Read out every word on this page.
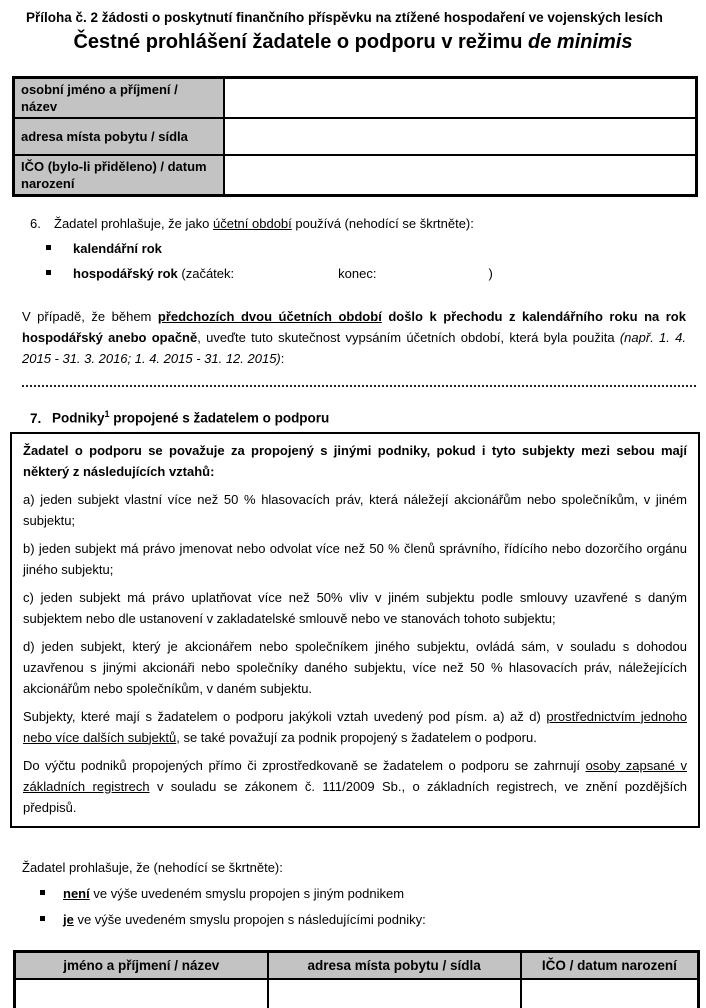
Příloha č. 2 žádosti o poskytnutí finančního příspěvku na ztížené hospodaření ve vojenských lesích

Čestné prohlášení žadatele o podporu v režimu de minimis
osobní jméno a příjmení / název	
adresa místa pobytu / sídla	
IČO (bylo-li přiděleno) / datum narození	
6. Žadatel prohlašuje, že jako účetní období používá (nehodící se škrtněte):
kalendářní rok
hospodářský rok (začátek:	konec:	)

V případě, že během předchozích dvou účetních období došlo k přechodu z kalendářního roku na rok hospodářský anebo opačně, uveďte tuto skutečnost vypsáním účetních období, která byla použita (např. 1. 4. 2015 - 31. 3. 2016; 1. 4. 2015 - 31. 12. 2015):

7. Podniky$^1$ propojené s žadatelem o podporu

Žadatel o podporu se považuje za propojený s jinými podniky, pokud i tyto subjekty mezi sebou mají některý z následujících vztahů:

a) jeden subjekt vlastní více než 50 % hlasovacích práv, která náležejí akcionářům nebo společníkům, v jiném subjektu;

b) jeden subjekt má právo jmenovat nebo odvolat více než 50 % členů správního, řídícího nebo dozorčího orgánu jiného subjektu;

c) jeden subjekt má právo uplatňovat více než 50% vliv v jiném subjektu podle smlouvy uzavřené s daným subjektem nebo dle ustanovení v zakladatelské smlouvě nebo ve stanovách tohoto subjektu;

d) jeden subjekt, který je akcionářem nebo společníkem jiného subjektu, ovládá sám, v souladu s dohodou uzavřenou s jinými akcionáři nebo společníky daného subjektu, více než 50 % hlasovacích práv, náležejících akcionářům nebo společníkům, v daném subjektu.

Subjekty, které mají s žadatelem o podporu jakýkoli vztah uvedený pod písm. a) až d) prostřednictvím jednoho nebo více dalších subjektů, se také považují za podnik propojený s žadatelem o podporu.

Do výčtu podniků propojených přímo či zprostředkovaně se žadatelem o podporu se zahrnují osoby zapsané v základních registrech v souladu se zákonem č. 111/2009 Sb., o základních registrech, ve znění pozdějších předpisů.

Žadatel prohlašuje, že (nehodící se škrtněte):

není ve výše uvedeném smyslu propojen s jiným podnikem
je ve výše uvedeném smyslu propojen s následujícími podniky:
jméno a příjmení / název	adresa místa pobytu / sídla	IČO / datum narození
